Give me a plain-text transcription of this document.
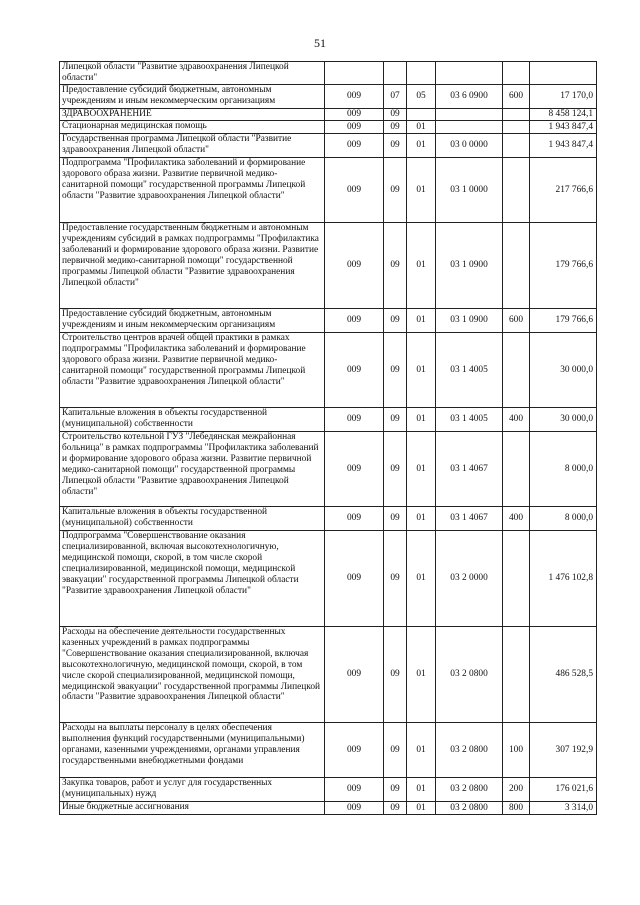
51
Липецкой области "Развитие здравоохранения Липецкой области"						
Предоставление субсидий бюджетным, автономным учреждениям и иным некоммерческим организациям	009	07	05	03 6 0900	600	17 170,0
ЗДРАВООХРАНЕНИЕ	009	09				8 458 124,1
Стационарная медицинская помощь	009	09	01			1 943 847,4
Государственная программа Липецкой области "Развитие здравоохранения Липецкой области"	009	09	01	03 0 0000		1 943 847,4
Подпрограмма "Профилактика заболеваний и формирование здорового образа жизни. Развитие первичной медико-санитарной помощи" государственной программы Липецкой области "Развитие здравоохранения Липецкой области"	009	09	01	03 1 0000		217 766,6
Предоставление государственным бюджетным и автономным учреждениям субсидий в рамках подпрограммы "Профилактика заболеваний и формирование здорового образа жизни. Развитие первичной медико-санитарной помощи" государственной программы Липецкой области "Развитие здравоохранения Липецкой области"	009	09	01	03 1 0900		179 766,6
Предоставление субсидий бюджетным, автономным учреждениям и иным некоммерческим организациям	009	09	01	03 1 0900	600	179 766,6
Строительство центров врачей общей практики в рамках подпрограммы "Профилактика заболеваний и формирование здорового образа жизни. Развитие первичной медико-санитарной помощи" государственной программы Липецкой области "Развитие здравоохранения Липецкой области"	009	09	01	03 1 4005		30 000,0
Капитальные вложения в объекты государственной (муниципальной) собственности	009	09	01	03 1 4005	400	30 000,0
Строительство котельной ГУЗ "Лебедянская межрайонная больница" в рамках подпрограммы "Профилактика заболеваний и формирование здорового образа жизни. Развитие первичной медико-санитарной помощи" государственной программы Липецкой области "Развитие здравоохранения Липецкой области"	009	09	01	03 1 4067		8 000,0
Капитальные вложения в объекты государственной (муниципальной) собственности	009	09	01	03 1 4067	400	8 000,0
Подпрограмма "Совершенствование оказания специализированной, включая высокотехнологичную, медицинской помощи, скорой, в том числе скорой специализированной, медицинской помощи, медицинской эвакуации" государственной программы Липецкой области "Развитие здравоохранения Липецкой области"	009	09	01	03 2 0000		1 476 102,8
Расходы на обеспечение деятельности государственных казенных учреждений в рамках подпрограммы "Совершенствование оказания специализированной, включая высокотехнологичную, медицинской помощи, скорой, в том числе скорой специализированной, медицинской помощи, медицинской эвакуации" государственной программы Липецкой области "Развитие здравоохранения Липецкой области"	009	09	01	03 2 0800		486 528,5
Расходы на выплаты персоналу в целях обеспечения выполнения функций государственными (муниципальными) органами, казенными учреждениями, органами управления государственными внебюджетными фондами	009	09	01	03 2 0800	100	307 192,9
Закупка товаров, работ и услуг для государственных (муниципальных) нужд	009	09	01	03 2 0800	200	176 021,6
Иные бюджетные ассигнования	009	09	01	03 2 0800	800	3 314,0
